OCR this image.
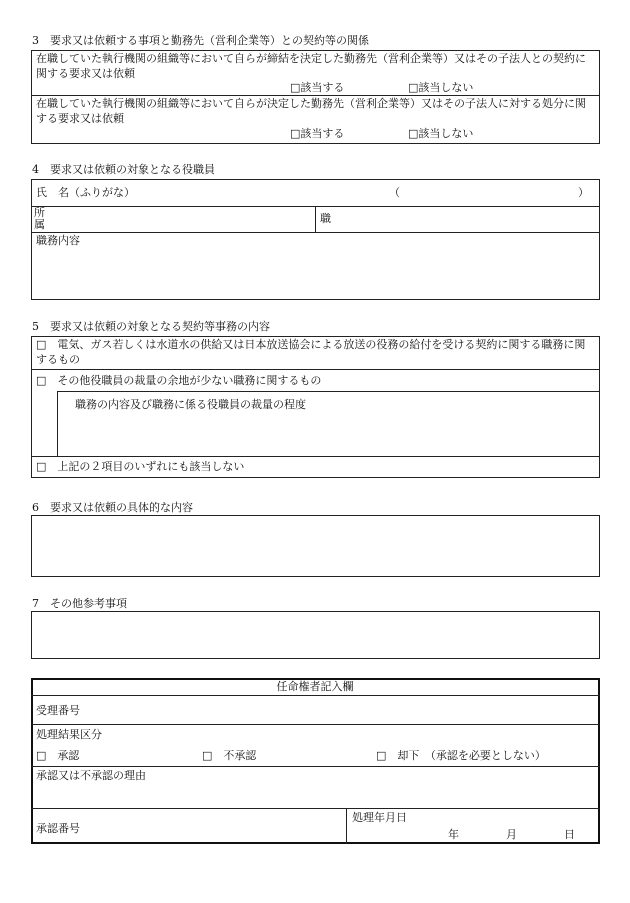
3　要求又は依頼する事項と勤務先（営利企業等）との契約等の関係
在職していた執行機関の組織等において自らが締結を決定した勤務先（営利企業等）又はその子法人との契約に関する要求又は依頼
□該当する	□該当しない
在職していた執行機関の組織等において自らが決定した勤務先（営利企業等）又はその子法人に対する処分に関する要求又は依頼
□該当する	□該当しない
4　要求又は依頼の対象となる役職員
氏　名（ふりがな）	（	）
所
属	職
職務内容
5　要求又は依頼の対象となる契約等事務の内容
□　電気、ガス若しくは水道水の供給又は日本放送協会による放送の役務の給付を受ける契約に関する職務に関するもの
□　その他役職員の裁量の余地が少ない職務に関するもの
職務の内容及び職務に係る役職員の裁量の程度
□　上記の２項目のいずれにも該当しない
6　要求又は依頼の具体的な内容
7　その他参考事項
任命権者記入欄
受理番号
処理結果区分
□　承認	□　不承認	□　却下　（承認を必要としない）
承認又は不承認の理由
承認番号
処理年月日
年	月	日
